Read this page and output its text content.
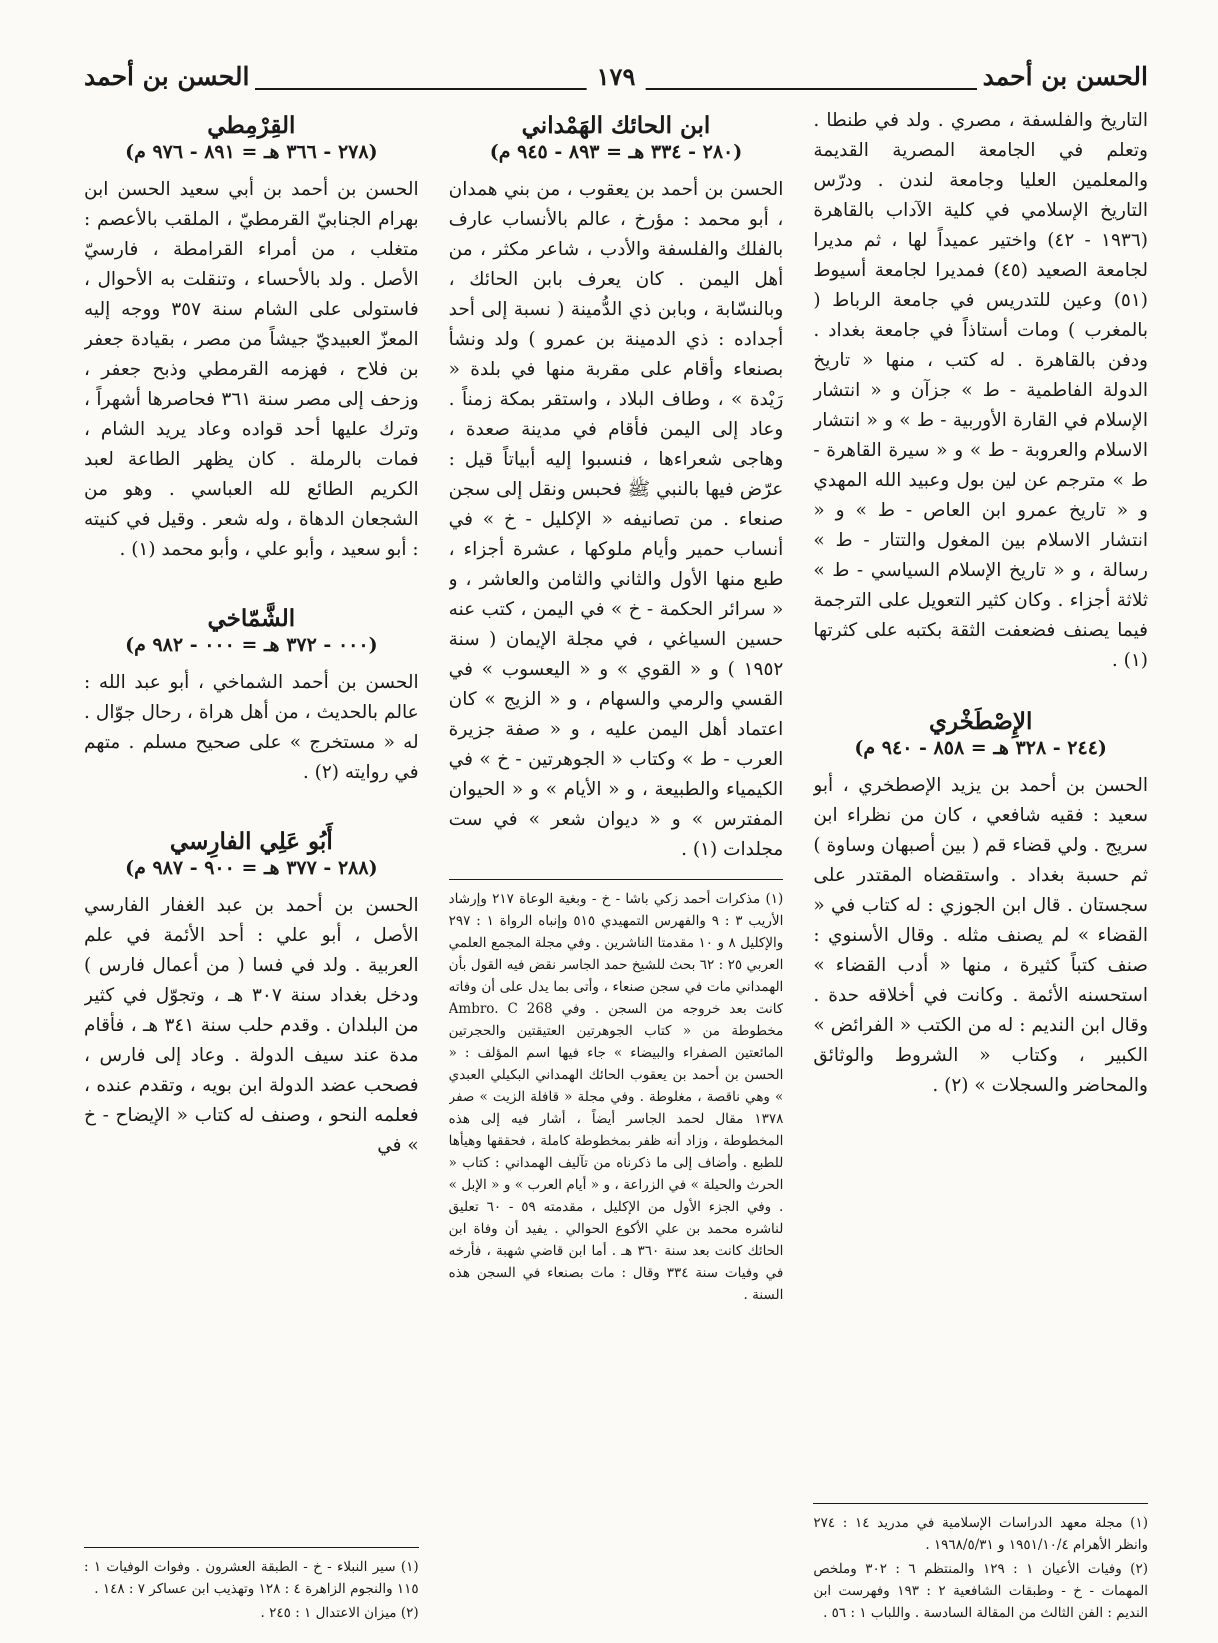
الحسن بن أحمد
١٧٩
الحسن بن أحمد

التاريخ والفلسفة ، مصري . ولد في طنطا . وتعلم في الجامعة المصرية القديمة والمعلمين العليا وجامعة لندن . ودرّس التاريخ الإسلامي في كلية الآداب بالقاهرة (١٩٣٦ - ٤٢) واختير عميداً لها ، ثم مديرا لجامعة الصعيد (٤٥) فمديرا لجامعة أسيوط (٥١) وعين للتدريس في جامعة الرباط ( بالمغرب ) ومات أستاذاً في جامعة بغداد . ودفن بالقاهرة . له كتب ، منها « تاريخ الدولة الفاطمية - ط » جزآن و « انتشار الإسلام في القارة الأوربية - ط » و « انتشار الاسلام والعروبة - ط » و « سيرة القاهرة - ط » مترجم عن لين بول وعبيد الله المهدي و « تاريخ عمرو ابن العاص - ط » و « انتشار الاسلام بين المغول والتتار - ط » رسالة ، و « تاريخ الإسلام السياسي - ط » ثلاثة أجزاء . وكان كثير التعويل على الترجمة فيما يصنف فضعفت الثقة بكتبه على كثرتها (١) .

الإِصْطَخْري
(٢٤٤ - ٣٢٨ هـ = ٨٥٨ - ٩٤٠ م)

الحسن بن أحمد بن يزيد الإصطخري ، أبو سعيد : فقيه شافعي ، كان من نظراء ابن سريج . ولي قضاء قم ( بين أصبهان وساوة ) ثم حسبة بغداد . واستقضاه المقتدر على سجستان . قال ابن الجوزي : له كتاب في « القضاء » لم يصنف مثله . وقال الأسنوي : صنف كتباً كثيرة ، منها « أدب القضاء » استحسنه الأئمة . وكانت في أخلاقه حدة . وقال ابن النديم : له من الكتب « الفرائض » الكبير ، وكتاب « الشروط والوثائق والمحاضر والسجلات » (٢) .

(١) مجلة معهد الدراسات الإسلامية في مدريد ١٤ : ٢٧٤ وانظر الأهرام ١٩٥١/١٠/٤ و ١٩٦٨/٥/٣١ .

(٢) وفيات الأعيان ١ : ١٢٩ والمنتظم ٦ : ٣٠٢ وملخص المهمات - خ - وطبقات الشافعية ٢ : ١٩٣ وفهرست ابن النديم : الفن الثالث من المقالة السادسة . واللباب ١ : ٥٦ .

ابن الحائك الهَمْداني
(٢٨٠ - ٣٣٤ هـ = ٨٩٣ - ٩٤٥ م)

الحسن بن أحمد بن يعقوب ، من بني همدان ، أبو محمد : مؤرخ ، عالم بالأنساب عارف بالفلك والفلسفة والأدب ، شاعر مكثر ، من أهل اليمن . كان يعرف بابن الحائك ، وبالنسّابة ، وبابن ذي الدُّمينة ( نسبة إلى أحد أجداده : ذي الدمينة بن عمرو ) ولد ونشأ بصنعاء وأقام على مقربة منها في بلدة « رَيْدة » ، وطاف البلاد ، واستقر بمكة زمناً . وعاد إلى اليمن فأقام في مدينة صعدة ، وهاجى شعراءها ، فنسبوا إليه أبياتاً قيل : عرّض فيها بالنبي ﷺ فحبس ونقل إلى سجن صنعاء . من تصانيفه « الإكليل - خ » في أنساب حمير وأيام ملوكها ، عشرة أجزاء ، طبع منها الأول والثاني والثامن والعاشر ، و « سرائر الحكمة - خ » في اليمن ، كتب عنه حسين السياغي ، في مجلة الإيمان ( سنة ١٩٥٢ ) و « القوي » و « اليعسوب » في القسي والرمي والسهام ، و « الزيج » كان اعتماد أهل اليمن عليه ، و « صفة جزيرة العرب - ط » وكتاب « الجوهرتين - خ » في الكيمياء والطبيعة ، و « الأيام » و « الحيوان المفترس » و « ديوان شعر » في ست مجلدات (١) .

(١) مذكرات أحمد زكي باشا - خ - وبغية الوعاة ٢١٧ وإرشاد الأريب ٣ : ٩ والفهرس التمهيدي ٥١٥ وإنباه الرواة ١ : ٢٩٧ والإكليل ٨ و ١٠ مقدمتا الناشرين . وفي مجلة المجمع العلمي العربي ٢٥ : ٦٢ بحث للشيخ حمد الجاسر نقض فيه القول بأن الهمداني مات في سجن صنعاء ، وأتى بما يدل على أن وفاته كانت بعد خروجه من السجن . وفي Ambro. C 268 مخطوطة من « كتاب الجوهرتين العتيقتين والحجرتين المائعتين الصفراء والبيضاء » جاء فيها اسم المؤلف : « الحسن بن أحمد بن يعقوب الحائك الهمداني البكيلي العبدي » وهي ناقصة ، مغلوطة . وفي مجلة « قافلة الزيت » صفر ١٣٧٨ مقال لحمد الجاسر أيضاً ، أشار فيه إلى هذه المخطوطة ، وزاد أنه ظفر بمخطوطة كاملة ، فحققها وهيأها للطبع . وأضاف إلى ما ذكرناه من تآليف الهمداني : كتاب « الحرث والحيلة » في الزراعة ، و « أيام العرب » و « الإبل » . وفي الجزء الأول من الإكليل ، مقدمته ٥٩ - ٦٠ تعليق لناشره محمد بن علي الأكوع الحوالي . يفيد أن وفاة ابن الحائك كانت بعد سنة ٣٦٠ هـ . أما ابن قاضي شهبة ، فأرخه في وفيات سنة ٣٣٤ وقال : مات بصنعاء في السجن هذه السنة .

القِرْمِطي
(٢٧٨ - ٣٦٦ هـ = ٨٩١ - ٩٧٦ م)

الحسن بن أحمد بن أبي سعيد الحسن ابن بهرام الجنابيّ القرمطيّ ، الملقب بالأعصم : متغلب ، من أمراء القرامطة ، فارسيّ الأصل . ولد بالأحساء ، وتنقلت به الأحوال ، فاستولى على الشام سنة ٣٥٧ ووجه إليه المعزّ العبيديّ جيشاً من مصر ، بقيادة جعفر بن فلاح ، فهزمه القرمطي وذبح جعفر ، وزحف إلى مصر سنة ٣٦١ فحاصرها أشهراً ، وترك عليها أحد قواده وعاد يريد الشام ، فمات بالرملة . كان يظهر الطاعة لعبد الكريم الطائع لله العباسي . وهو من الشجعان الدهاة ، وله شعر . وقيل في كنيته : أبو سعيد ، وأبو علي ، وأبو محمد (١) .

الشَّمّاخي
(٠٠٠ - ٣٧٢ هـ = ٠٠٠ - ٩٨٢ م)

الحسن بن أحمد الشماخي ، أبو عبد الله : عالم بالحديث ، من أهل هراة ، رحال جوّال . له « مستخرج » على صحيح مسلم . متهم في روايته (٢) .

أَبُو عَلِي الفارِسي
(٢٨٨ - ٣٧٧ هـ = ٩٠٠ - ٩٨٧ م)

الحسن بن أحمد بن عبد الغفار الفارسي الأصل ، أبو علي : أحد الأئمة في علم العربية . ولد في فسا ( من أعمال فارس ) ودخل بغداد سنة ٣٠٧ هـ ، وتجوّل في كثير من البلدان . وقدم حلب سنة ٣٤١ هـ ، فأقام مدة عند سيف الدولة . وعاد إلى فارس ، فصحب عضد الدولة ابن بويه ، وتقدم عنده ، فعلمه النحو ، وصنف له كتاب « الإيضاح - خ » في

(١) سير النبلاء - خ - الطبقة العشرون . وفوات الوفيات ١ : ١١٥ والنجوم الزاهرة ٤ : ١٢٨ وتهذيب ابن عساكر ٧ : ١٤٨ .

(٢) ميزان الاعتدال ١ : ٢٤٥ .
